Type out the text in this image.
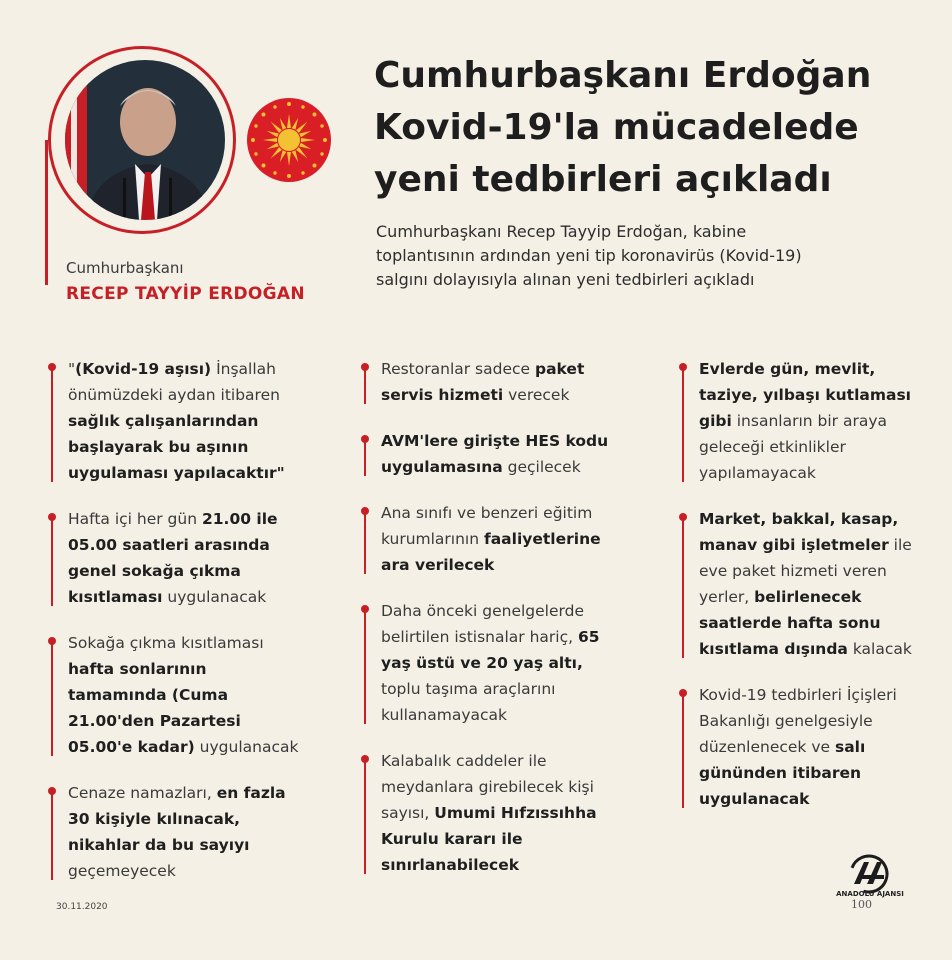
Cumhurbaşkanı
RECEP TAYYİP ERDOĞAN
Cumhurbaşkanı Erdoğan
Kovid-19'la mücadelede
yeni tedbirleri açıkladı

Cumhurbaşkanı Recep Tayyip Erdoğan, kabine toplantısının ardından yeni tip koronavirüs (Kovid-19) salgını dolayısıyla alınan yeni tedbirleri açıkladı

"(Kovid-19 aşısı) İnşallah önümüzdeki aydan itibaren sağlık çalışanlarından başlayarak bu aşının uygulaması yapılacaktır"
Hafta içi her gün 21.00 ile 05.00 saatleri arasında genel sokağa çıkma kısıtlaması uygulanacak
Sokağa çıkma kısıtlaması hafta sonlarının tamamında (Cuma 21.00'den Pazartesi 05.00'e kadar) uygulanacak
Cenaze namazları, en fazla 30 kişiyle kılınacak, nikahlar da bu sayıyı geçemeyecek
Restoranlar sadece paket servis hizmeti verecek
AVM'lere girişte HES kodu uygulamasına geçilecek
Ana sınıfı ve benzeri eğitim kurumlarının faaliyetlerine ara verilecek
Daha önceki genelgelerde belirtilen istisnalar hariç, 65 yaş üstü ve 20 yaş altı, toplu taşıma araçlarını kullanamayacak
Kalabalık caddeler ile meydanlara girebilecek kişi sayısı, Umumi Hıfzıssıhha Kurulu kararı ile sınırlanabilecek
Evlerde gün, mevlit, taziye, yılbaşı kutlaması gibi insanların bir araya geleceği etkinlikler yapılamayacak
Market, bakkal, kasap, manav gibi işletmeler ile eve paket hizmeti veren yerler, belirlenecek saatlerde hafta sonu kısıtlama dışında kalacak
Kovid-19 tedbirleri İçişleri Bakanlığı genelgesiyle düzenlenecek ve salı gününden itibaren uygulanacak
30.11.2020
ANADOLU AJANSI
100
